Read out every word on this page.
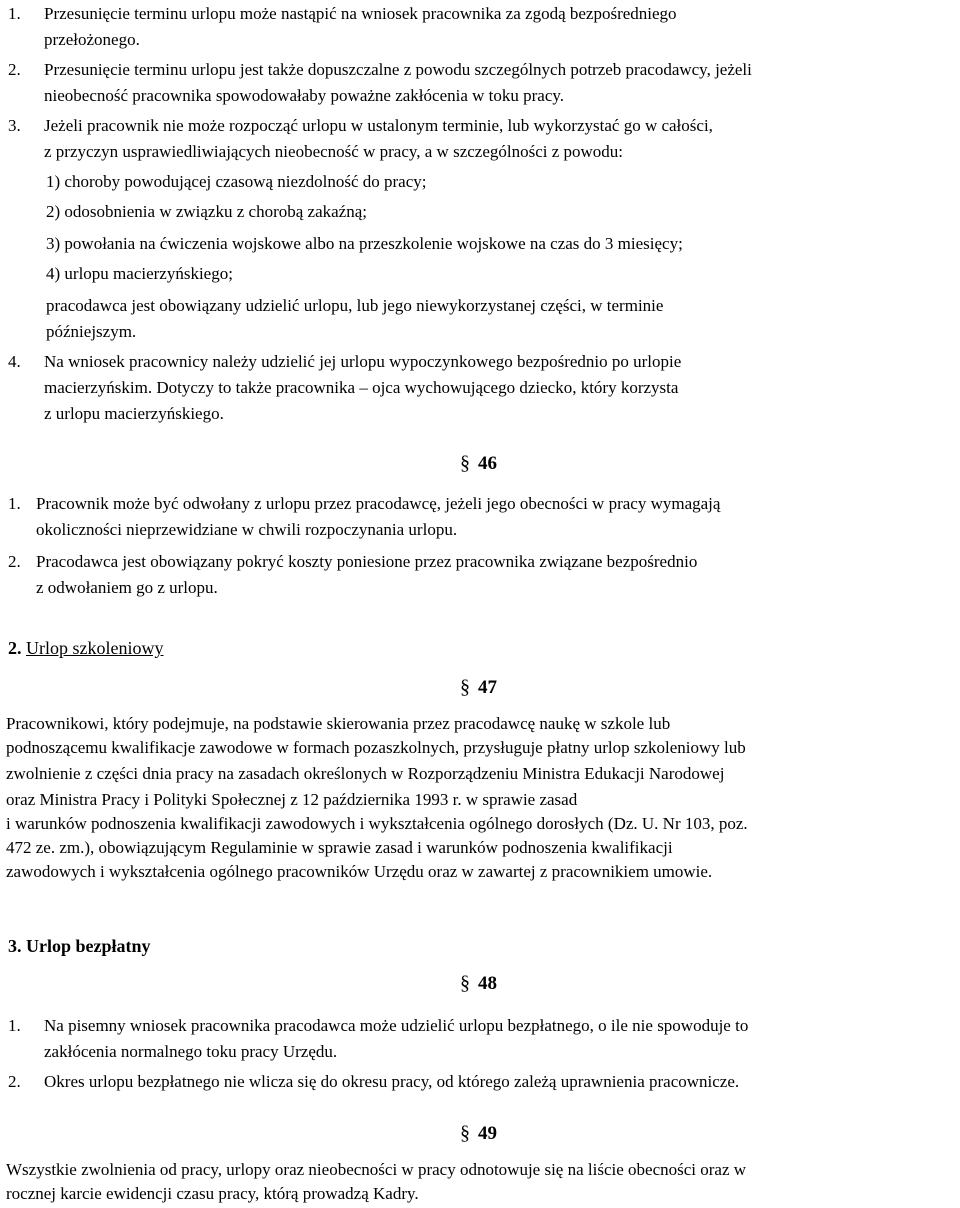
1.	Przesunięcie terminu urlopu może nastąpić na wniosek pracownika za zgodą bezpośredniego
przełożonego.
2.	Przesunięcie terminu urlopu jest także dopuszczalne z powodu szczególnych potrzeb pracodawcy, jeżeli
nieobecność pracownika spowodowałaby poważne zakłócenia w toku pracy.
3.	Jeżeli pracownik nie może rozpocząć urlopu w ustalonym terminie, lub wykorzystać go w całości,
z przyczyn usprawiedliwiających nieobecność w pracy, a w szczególności z powodu:
1) choroby powodującej czasową niezdolność do pracy;
2) odosobnienia w związku z chorobą zakaźną;
3) powołania na ćwiczenia wojskowe albo na przeszkolenie wojskowe na czas do 3 miesięcy;
4) urlopu macierzyńskiego;
pracodawca jest obowiązany udzielić urlopu, lub jego niewykorzystanej części, w terminie
późniejszym.
4.	Na wniosek pracownicy należy udzielić jej urlopu wypoczynkowego bezpośrednio po urlopie
macierzyńskim. Dotyczy to także pracownika – ojca wychowującego dziecko, który korzysta
z urlopu macierzyńskiego.
§ 46
1. Pracownik może być odwołany z urlopu przez pracodawcę, jeżeli jego obecności w pracy wymagają
okoliczności nieprzewidziane w chwili rozpoczynania urlopu.
2. Pracodawca jest obowiązany pokryć koszty poniesione przez pracownika związane bezpośrednio
z odwołaniem go z urlopu.
2. Urlop szkoleniowy
§ 47
Pracownikowi, który podejmuje, na podstawie skierowania przez pracodawcę naukę w szkole lub
podnoszącemu kwalifikacje zawodowe w formach pozaszkolnych, przysługuje płatny urlop szkoleniowy lub
zwolnienie z części dnia pracy na zasadach określonych w Rozporządzeniu Ministra Edukacji Narodowej
oraz Ministra Pracy i Polityki Społecznej z 12 października 1993 r. w sprawie zasad
i warunków podnoszenia kwalifikacji zawodowych i wykształcenia ogólnego dorosłych (Dz. U. Nr 103, poz.
472 ze. zm.), obowiązującym Regulaminie w sprawie zasad i warunków podnoszenia kwalifikacji
zawodowych i wykształcenia ogólnego pracowników Urzędu oraz w zawartej z pracownikiem umowie.
3. Urlop bezpłatny
§ 48
1.	Na pisemny wniosek pracownika pracodawca może udzielić urlopu bezpłatnego, o ile nie spowoduje to
zakłócenia normalnego toku pracy Urzędu.
2.	Okres urlopu bezpłatnego nie wlicza się do okresu pracy, od którego zależą uprawnienia pracownicze.
§ 49
Wszystkie zwolnienia od pracy, urlopy oraz nieobecności w pracy odnotowuje się na liście obecności oraz w
rocznej karcie ewidencji czasu pracy, którą prowadzą Kadry.
